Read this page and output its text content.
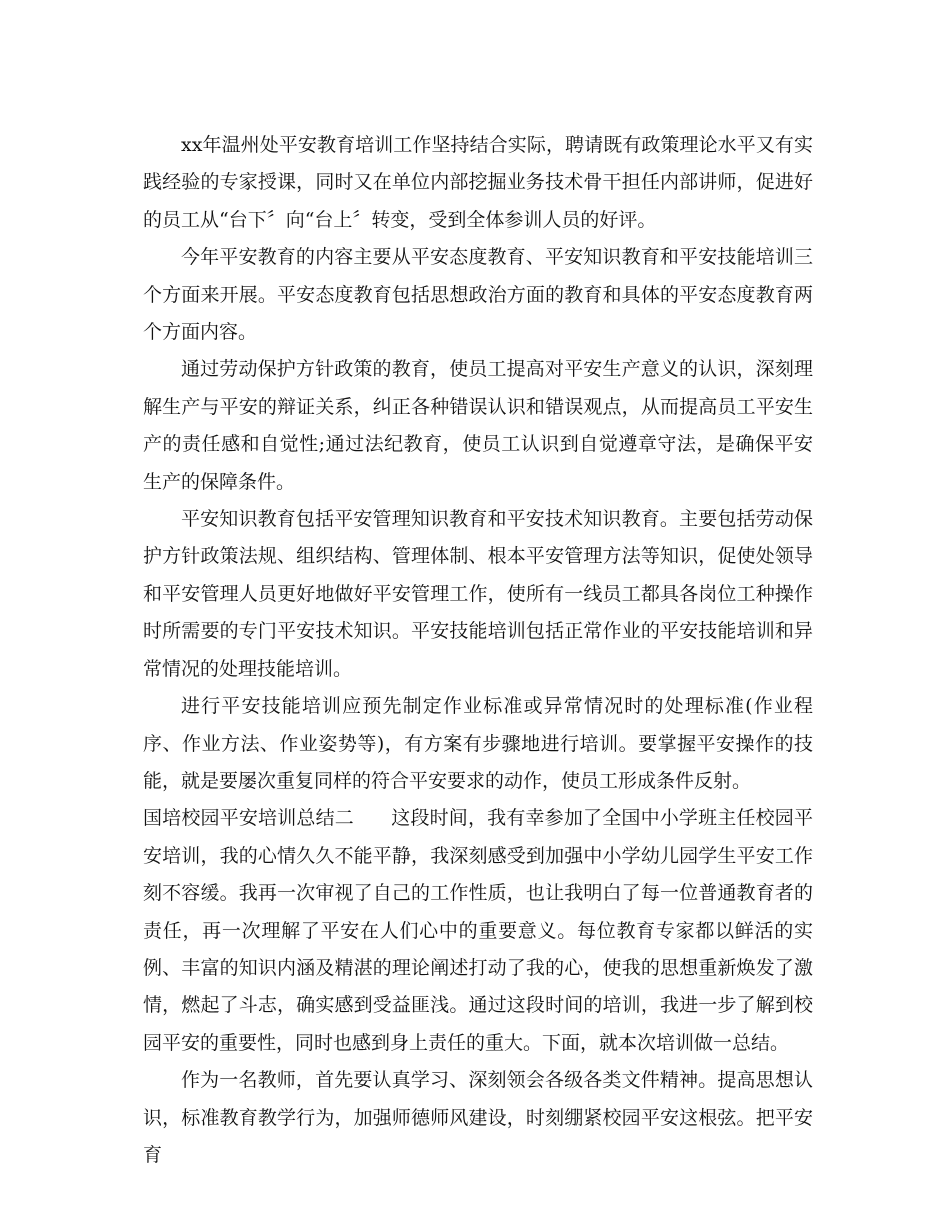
xx年温州处平安教育培训工作坚持结合实际，聘请既有政策理论水平又有实践经验的专家授课，同时又在单位内部挖掘业务技术骨干担任内部讲师，促进好的员工从“台下〞向“台上〞转变，受到全体参训人员的好评。

今年平安教育的内容主要从平安态度教育、平安知识教育和平安技能培训三个方面来开展。平安态度教育包括思想政治方面的教育和具体的平安态度教育两个方面内容。

通过劳动保护方针政策的教育，使员工提高对平安生产意义的认识，深刻理解生产与平安的辩证关系，纠正各种错误认识和错误观点，从而提高员工平安生产的责任感和自觉性;通过法纪教育，使员工认识到自觉遵章守法，是确保平安生产的保障条件。

平安知识教育包括平安管理知识教育和平安技术知识教育。主要包括劳动保护方针政策法规、组织结构、管理体制、根本平安管理方法等知识，促使处领导和平安管理人员更好地做好平安管理工作，使所有一线员工都具各岗位工种操作时所需要的专门平安技术知识。平安技能培训包括正常作业的平安技能培训和异常情况的处理技能培训。

进行平安技能培训应预先制定作业标准或异常情况时的处理标准(作业程序、作业方法、作业姿势等)，有方案有步骤地进行培训。要掌握平安操作的技能，就是要屡次重复同样的符合平安要求的动作，使员工形成条件反射。

国培校园平安培训总结二 这段时间，我有幸参加了全国中小学班主任校园平安培训，我的心情久久不能平静，我深刻感受到加强中小学幼儿园学生平安工作刻不容缓。我再一次审视了自己的工作性质，也让我明白了每一位普通教育者的责任，再一次理解了平安在人们心中的重要意义。每位教育专家都以鲜活的实例、丰富的知识内涵及精湛的理论阐述打动了我的心，使我的思想重新焕发了激情，燃起了斗志，确实感到受益匪浅。通过这段时间的培训，我进一步了解到校园平安的重要性，同时也感到身上责任的重大。下面，就本次培训做一总结。

作为一名教师，首先要认真学习、深刻领会各级各类文件精神。提高思想认识，标准教育教学行为，加强师德师风建设，时刻绷紧校园平安这根弦。把平安育
